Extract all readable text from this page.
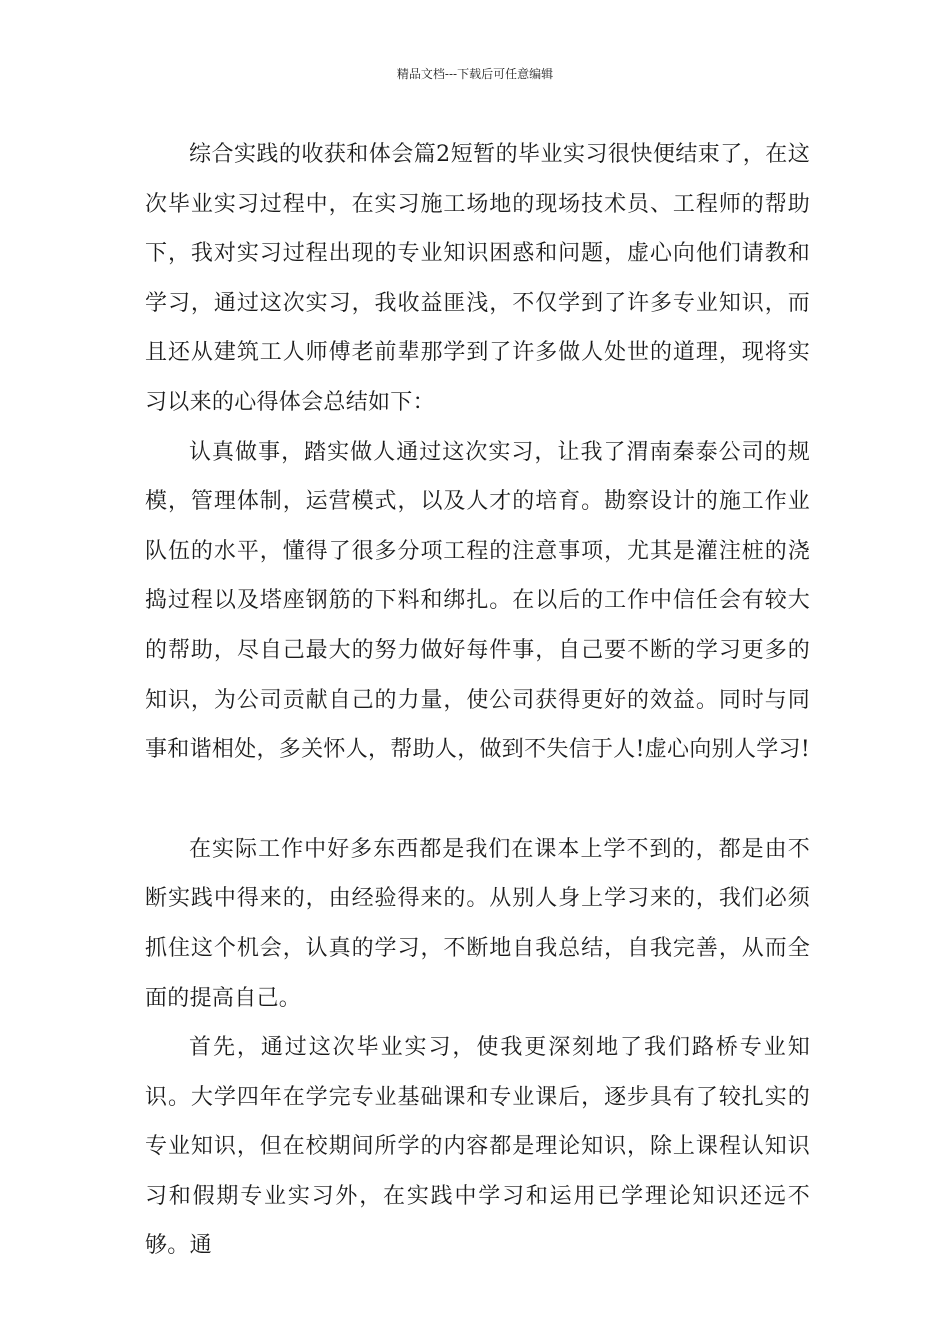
精品文档---下载后可任意编辑

综合实践的收获和体会篇2短暂的毕业实习很快便结束了，在这次毕业实习过程中，在实习施工场地的现场技术员、工程师的帮助下，我对实习过程出现的专业知识困惑和问题，虚心向他们请教和学习，通过这次实习，我收益匪浅，不仅学到了许多专业知识，而且还从建筑工人师傅老前辈那学到了许多做人处世的道理，现将实习以来的心得体会总结如下：

认真做事，踏实做人通过这次实习，让我了渭南秦泰公司的规模，管理体制，运营模式，以及人才的培育。勘察设计的施工作业队伍的水平，懂得了很多分项工程的注意事项，尤其是灌注桩的浇捣过程以及塔座钢筋的下料和绑扎。在以后的工作中信任会有较大的帮助，尽自己最大的努力做好每件事，自己要不断的学习更多的知识，为公司贡献自己的力量，使公司获得更好的效益。同时与同事和谐相处，多关怀人，帮助人，做到不失信于人!虚心向别人学习!

在实际工作中好多东西都是我们在课本上学不到的，都是由不断实践中得来的，由经验得来的。从别人身上学习来的，我们必须抓住这个机会，认真的学习，不断地自我总结，自我完善，从而全面的提高自己。

首先，通过这次毕业实习，使我更深刻地了我们路桥专业知识。大学四年在学完专业基础课和专业课后，逐步具有了较扎实的专业知识，但在校期间所学的内容都是理论知识，除上课程认知识习和假期专业实习外，在实践中学习和运用已学理论知识还远不够。通
